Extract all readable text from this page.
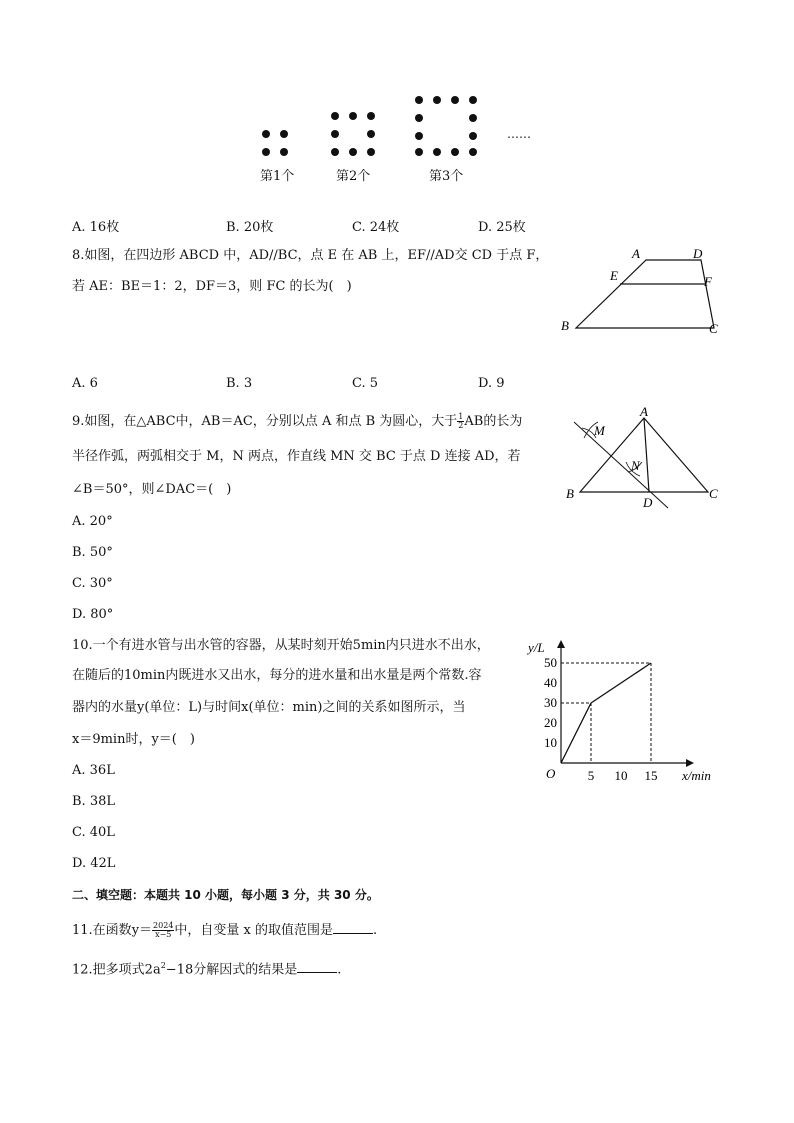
……
第1个	第2个	第3个
A. 16枚	B. 20枚	C. 24枚	D. 25枚
8.如图，在四边形 ABCD 中，AD//BC，点 E 在 AB 上，EF//AD交 CD 于点 F，
若 AE：BE＝1：2，DF＝3，则 FC 的长为(　)
A	D
E	F
B	C
A. 6	B. 3	C. 5	D. 9
9.如图，在△ABC中，AB＝AC，分别以点 A 和点 B 为圆心，大于 $\frac{1}{2}$ AB的长为
半径作弧，两弧相交于 M，N 两点，作直线 MN 交 BC 于点 D 连接 AD，若
∠B＝50°，则∠DAC＝(　)
A
M
N
B
D
C
A. 20°
B. 50°
C. 30°
D. 80°
10.一个有进水管与出水管的容器，从某时刻开始5min内只进水不出水，
在随后的10min内既进水又出水，每分的进水量和出水量是两个常数.容
器内的水量y(单位：L)与时间x(单位：min)之间的关系如图所示，当
x＝9min时，y＝(　)	10
20
30
40
50
5 10 15
y/L
x/min
O
A. 36L
B. 38L
C. 40L
D. 42L
二、填空题：本题共 10 小题，每小题 3 分，共 30 分。
11.在函数$y= \frac{2024}{x-5}$ 中，自变量 x 的取值范围是	.
12.把多项式$2a^2-18$分解因式的结果是	.
